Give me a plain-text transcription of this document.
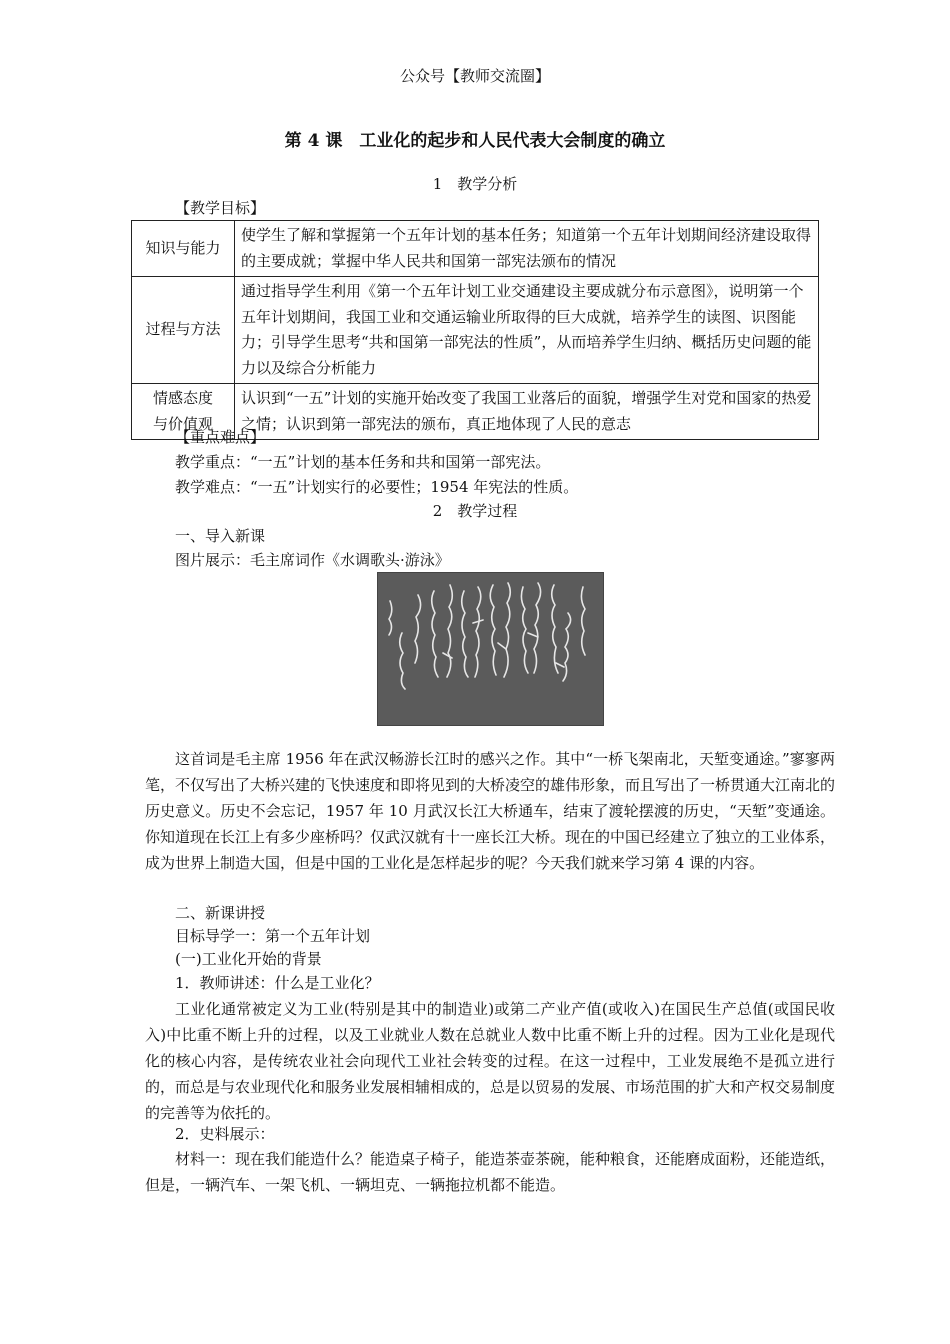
公众号【教师交流圈】
第 4 课　工业化的起步和人民代表大会制度的确立
1　教学分析
【教学目标】
知识与能力	使学生了解和掌握第一个五年计划的基本任务；知道第一个五年计划期间经济建设取得的主要成就；掌握中华人民共和国第一部宪法颁布的情况
过程与方法	通过指导学生利用《第一个五年计划工业交通建设主要成就分布示意图》，说明第一个五年计划期间，我国工业和交通运输业所取得的巨大成就，培养学生的读图、识图能力；引导学生思考“共和国第一部宪法的性质”，从而培养学生归纳、概括历史问题的能力以及综合分析能力

情感态度
与价值观	认识到“一五”计划的实施开始改变了我国工业落后的面貌，增强学生对党和国家的热爱之情；认识到第一部宪法的颁布，真正地体现了人民的意志
【重点难点】
教学重点：“一五”计划的基本任务和共和国第一部宪法。
教学难点：“一五”计划实行的必要性；1954 年宪法的性质。
2　教学过程
一、导入新课
图片展示：毛主席词作《水调歌头·游泳》

这首词是毛主席 1956 年在武汉畅游长江时的感兴之作。其中“一桥飞架南北，天堑变通途。”寥寥两笔，不仅写出了大桥兴建的飞快速度和即将见到的大桥凌空的雄伟形象，而且写出了一桥贯通大江南北的历史意义。历史不会忘记，1957 年 10 月武汉长江大桥通车，结束了渡轮摆渡的历史，“天堑”变通途。你知道现在长江上有多少座桥吗？仅武汉就有十一座长江大桥。现在的中国已经建立了独立的工业体系，成为世界上制造大国，但是中国的工业化是怎样起步的呢？今天我们就来学习第 4 课的内容。

二、新课讲授
目标导学一：第一个五年计划
(一)工业化开始的背景
1．教师讲述：什么是工业化？

工业化通常被定义为工业(特别是其中的制造业)或第二产业产值(或收入)在国民生产总值(或国民收入)中比重不断上升的过程，以及工业就业人数在总就业人数中比重不断上升的过程。因为工业化是现代化的核心内容，是传统农业社会向现代工业社会转变的过程。在这一过程中，工业发展绝不是孤立进行的，而总是与农业现代化和服务业发展相辅相成的，总是以贸易的发展、市场范围的扩大和产权交易制度的完善等为依托的。

2．史料展示：

材料一：现在我们能造什么？能造桌子椅子，能造茶壶茶碗，能种粮食，还能磨成面粉，还能造纸，但是，一辆汽车、一架飞机、一辆坦克、一辆拖拉机都不能造。
